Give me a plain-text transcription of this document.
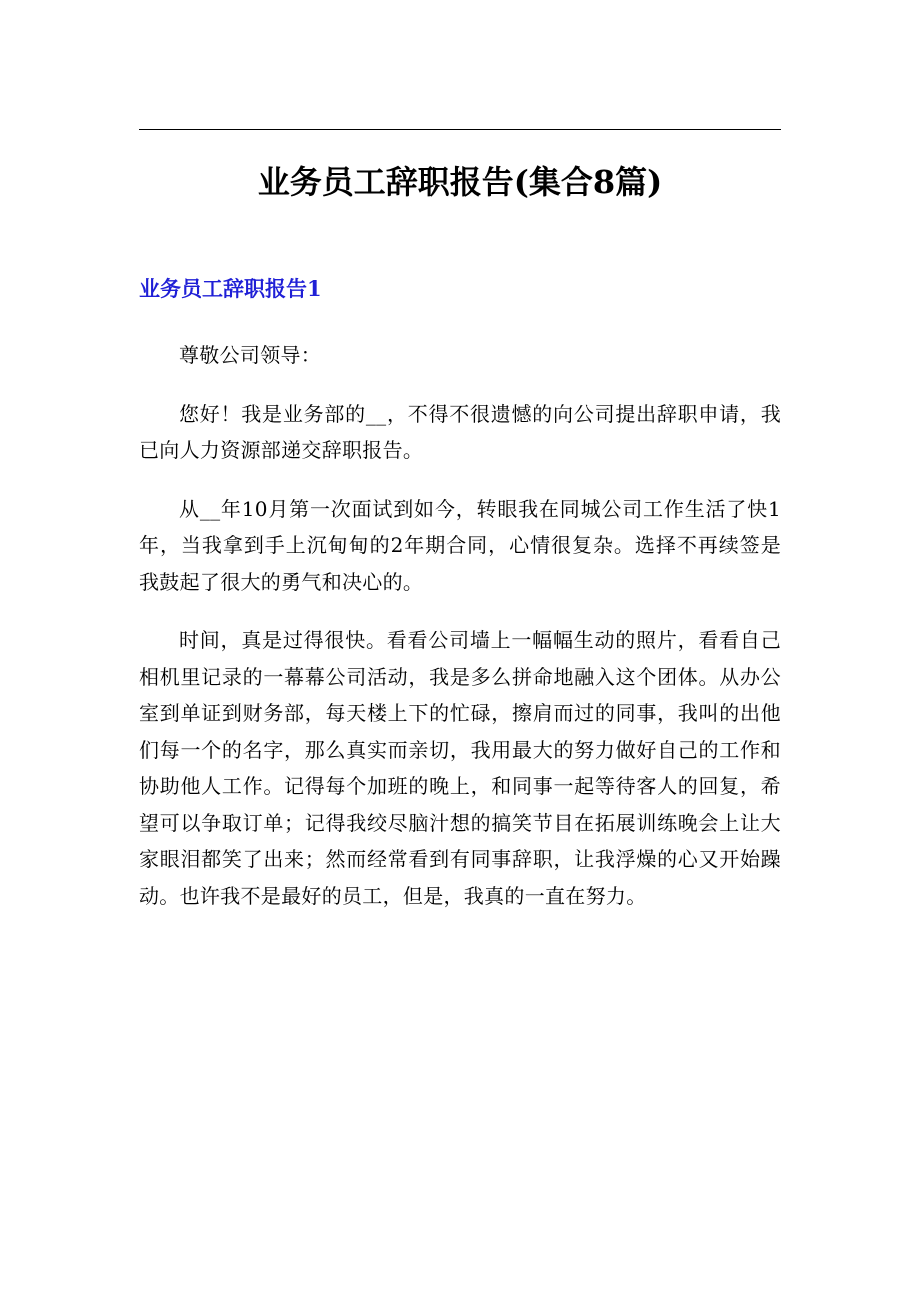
业务员工辞职报告(集合8篇)
业务员工辞职报告1

尊敬公司领导：

您好！我是业务部的__，不得不很遗憾的向公司提出辞职申请，我已向人力资源部递交辞职报告。

从__年10月第一次面试到如今，转眼我在同城公司工作生活了快1年，当我拿到手上沉甸甸的2年期合同，心情很复杂。选择不再续签是我鼓起了很大的勇气和决心的。

时间，真是过得很快。看看公司墙上一幅幅生动的照片，看看自己相机里记录的一幕幕公司活动，我是多么拼命地融入这个团体。从办公室到单证到财务部，每天楼上下的忙碌，擦肩而过的同事，我叫的出他们每一个的名字，那么真实而亲切，我用最大的努力做好自己的工作和协助他人工作。记得每个加班的晚上，和同事一起等待客人的回复，希望可以争取订单；记得我绞尽脑汁想的搞笑节目在拓展训练晚会上让大家眼泪都笑了出来；然而经常看到有同事辞职，让我浮燥的心又开始躁动。也许我不是最好的员工，但是，我真的一直在努力。
